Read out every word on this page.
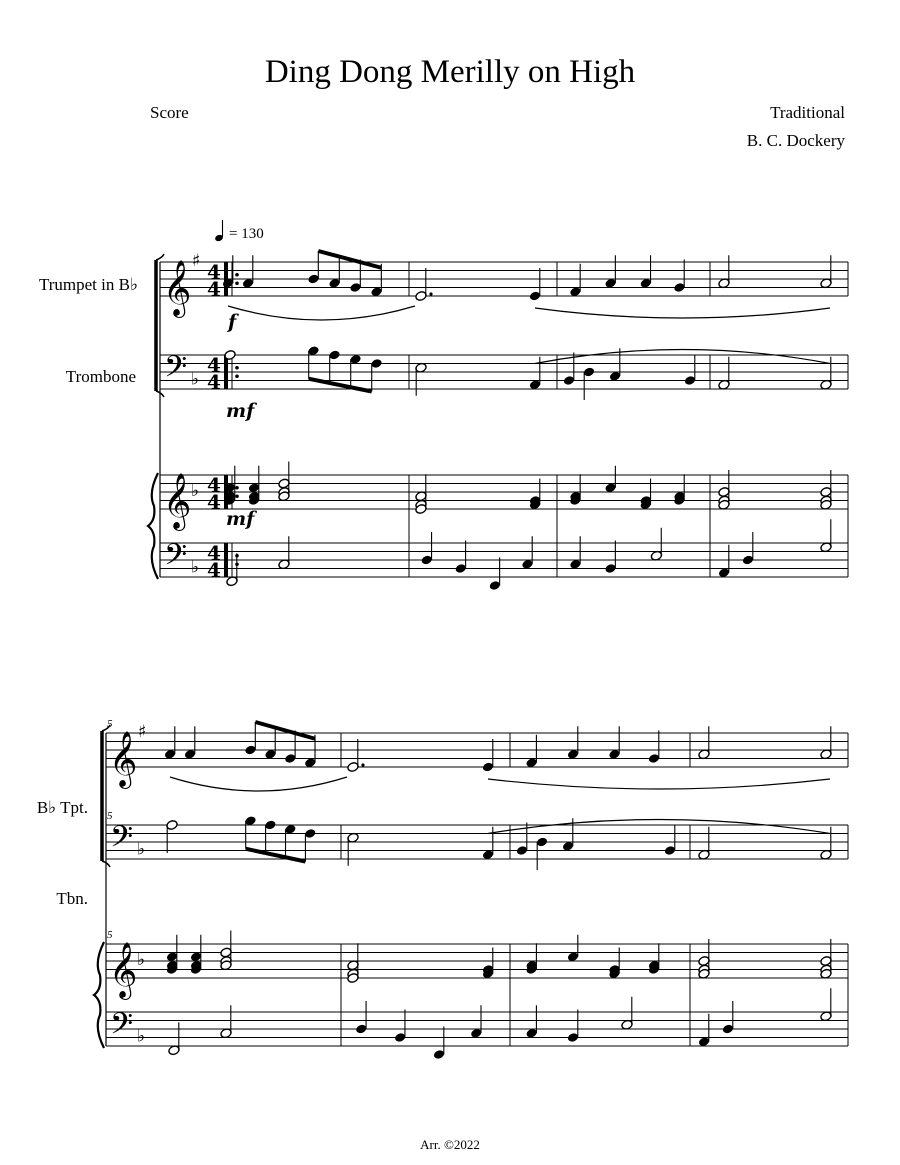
Ding Dong Merilly on High
Score	Traditional
B. C. Dockery
= 130
Trumpet in B♭
Trombone
B♭ Tpt.
Tbn.
Arr. ©2022
𝄞 ♯
𝄢 ♭
𝄞 ♭
𝄢 ♭
4
4
4
4
4
4
4
4
f
mf
mf
𝄞 ♯
𝄢 ♭
𝄞 ♭
𝄢 ♭
5
5
5
